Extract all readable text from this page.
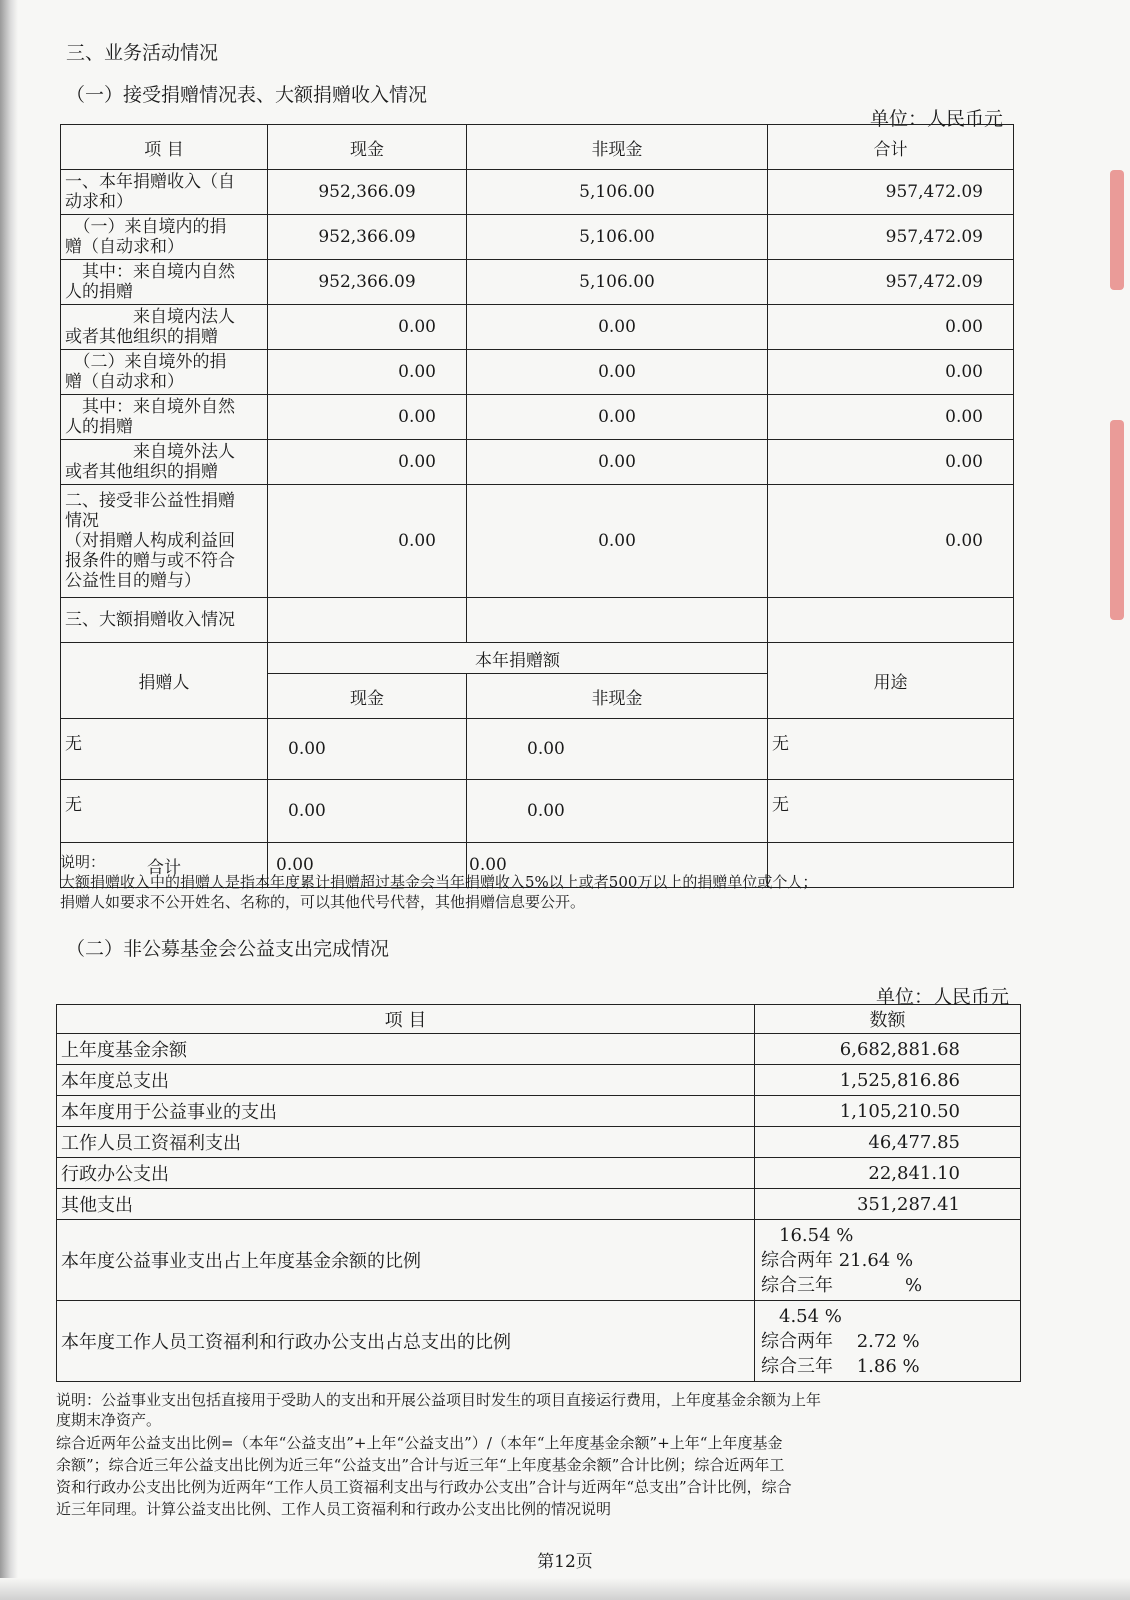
三、业务活动情况
（一）接受捐赠情况表、大额捐赠收入情况
单位：人民币元
项 目	现金	非现金	合计

一、本年捐赠收入（自
动求和）	952,366.09	5,106.00	957,472.09

　（一）来自境内的捐
赠（自动求和）	952,366.09	5,106.00	957,472.09

　其中：来自境内自然
人的捐赠	952,366.09	5,106.00	957,472.09

　　　　来自境内法人
或者其他组织的捐赠	0.00	0.00	0.00

　（二）来自境外的捐
赠（自动求和）	0.00	0.00	0.00

　其中：来自境外自然
人的捐赠	0.00	0.00	0.00

　　　　来自境外法人
或者其他组织的捐赠	0.00	0.00	0.00

二、接受非公益性捐赠
情况
（对捐赠人构成利益回
报条件的赠与或不符合
公益性目的赠与）	0.00	0.00	0.00
三、大额捐赠收入情况			
捐赠人	本年捐赠额		用途
	现金	非现金	
无	0.00	0.00	无
无	0.00	0.00	无
合计	0.00	0.00	
说明：
大额捐赠收入中的捐赠人是指本年度累计捐赠超过基金会当年捐赠收入5%以上或者500万以上的捐赠单位或个人；
捐赠人如要求不公开姓名、名称的，可以其他代号代替，其他捐赠信息要公开。
（二）非公募基金会公益支出完成情况
单位：人民币元
项 目	数额
上年度基金余额	6,682,881.68
本年度总支出	1,525,816.86
本年度用于公益事业的支出	1,105,210.50
工作人员工资福利支出	46,477.85
行政办公支出	22,841.10
其他支出	351,287.41
本年度公益事业支出占上年度基金余额的比例	　16.54 %
综合两年 21.64 %
综合三年　　　　%

本年度工作人员工资福利和行政办公支出占总支出的比例	　4.54 %
综合两年　 2.72 %
综合三年　 1.86 %
说明：公益事业支出包括直接用于受助人的支出和开展公益项目时发生的项目直接运行费用，上年度基金余额为上年
度期末净资产。
综合近两年公益支出比例=（本年“公益支出”+上年“公益支出”）/（本年“上年度基金余额”+上年“上年度基金
余额”；综合近三年公益支出比例为近三年“公益支出”合计与近三年“上年度基金余额”合计比例；综合近两年工
资和行政办公支出比例为近两年“工作人员工资福利支出与行政办公支出”合计与近两年“总支出”合计比例，综合
近三年同理。计算公益支出比例、工作人员工资福利和行政办公支出比例的情况说明
第12页
